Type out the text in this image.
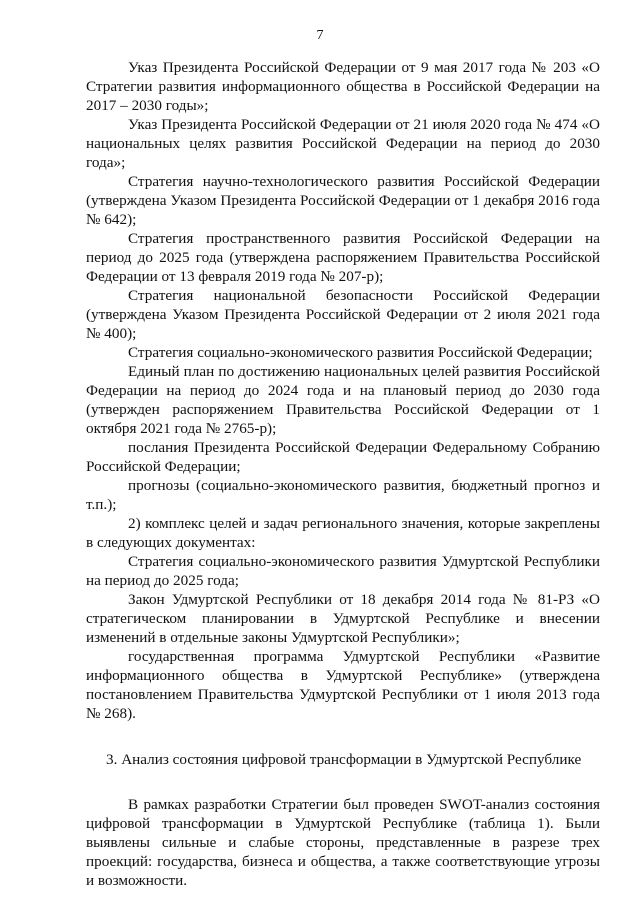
7

Указ Президента Российской Федерации от 9 мая 2017 года № 203 «О Стратегии развития информационного общества в Российской Федерации на 2017 – 2030 годы»;

Указ Президента Российской Федерации от 21 июля 2020 года № 474 «О национальных целях развития Российской Федерации на период до 2030 года»;

Стратегия научно-технологического развития Российской Федерации (утверждена Указом Президента Российской Федерации от 1 декабря 2016 года № 642);

Стратегия пространственного развития Российской Федерации на период до 2025 года (утверждена распоряжением Правительства Российской Федерации от 13 февраля 2019 года № 207-р);

Стратегия национальной безопасности Российской Федерации (утверждена Указом Президента Российской Федерации от 2 июля 2021 года № 400);

Стратегия социально-экономического развития Российской Федерации;

Единый план по достижению национальных целей развития Российской Федерации на период до 2024 года и на плановый период до 2030 года (утвержден распоряжением Правительства Российской Федерации от 1 октября 2021 года № 2765-р);

послания Президента Российской Федерации Федеральному Собранию Российской Федерации;

прогнозы (социально-экономического развития, бюджетный прогноз и т.п.);

2) комплекс целей и задач регионального значения, которые закреплены в следующих документах:

Стратегия социально-экономического развития Удмуртской Республики на период до 2025 года;

Закон Удмуртской Республики от 18 декабря 2014 года № 81-РЗ «О стратегическом планировании в Удмуртской Республике и внесении изменений в отдельные законы Удмуртской Республики»;

государственная программа Удмуртской Республики «Развитие информационного общества в Удмуртской Республике» (утверждена постановлением Правительства Удмуртской Республики от 1 июля 2013 года № 268).

3. Анализ состояния цифровой трансформации в Удмуртской Республике

В рамках разработки Стратегии был проведен SWOT-анализ состояния цифровой трансформации в Удмуртской Республике (таблица 1). Были выявлены сильные и слабые стороны, представленные в разрезе трех проекций: государства, бизнеса и общества, а также соответствующие угрозы и возможности.
